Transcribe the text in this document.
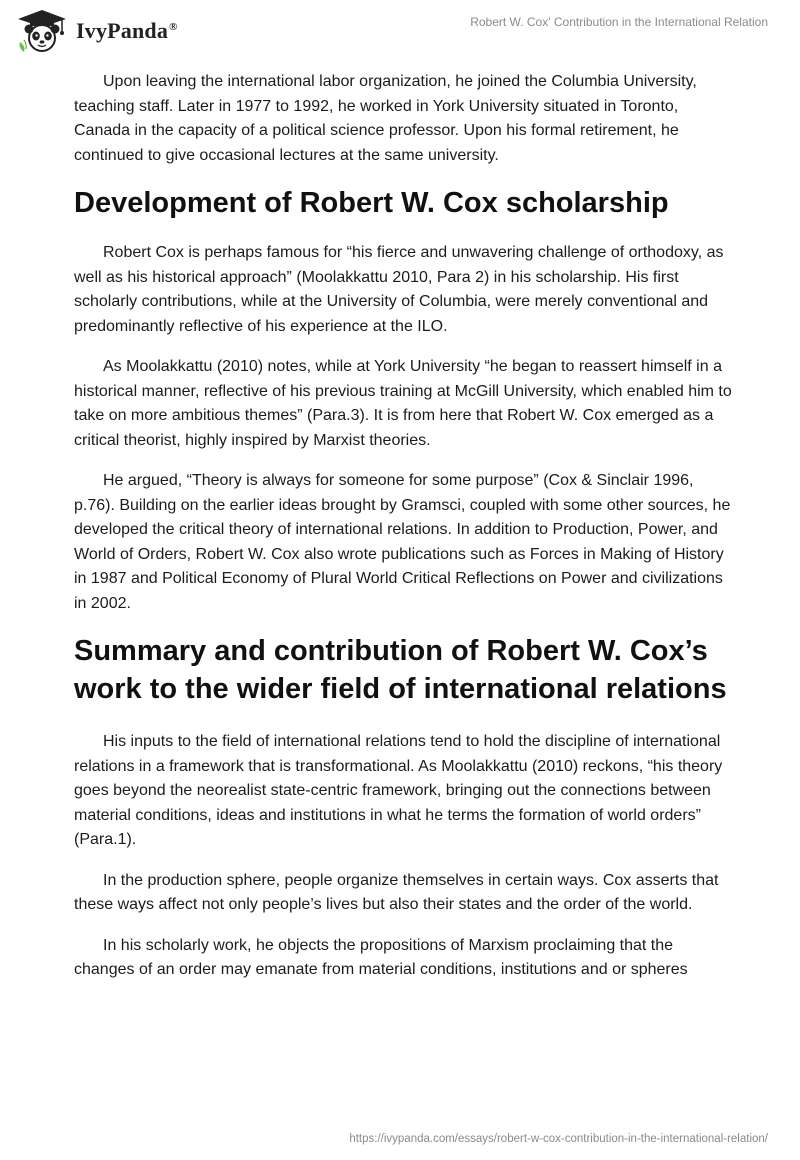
IvyPanda®	Robert W. Cox' Contribution in the International Relation

Upon leaving the international labor organization, he joined the Columbia University, teaching staff. Later in 1977 to 1992, he worked in York University situated in Toronto, Canada in the capacity of a political science professor. Upon his formal retirement, he continued to give occasional lectures at the same university.

Development of Robert W. Cox scholarship

Robert Cox is perhaps famous for “his fierce and unwavering challenge of orthodoxy, as well as his historical approach” (Moolakkattu 2010, Para 2) in his scholarship. His first scholarly contributions, while at the University of Columbia, were merely conventional and predominantly reflective of his experience at the ILO.

As Moolakkattu (2010) notes, while at York University “he began to reassert himself in a historical manner, reflective of his previous training at McGill University, which enabled him to take on more ambitious themes” (Para.3). It is from here that Robert W. Cox emerged as a critical theorist, highly inspired by Marxist theories.

He argued, “Theory is always for someone for some purpose” (Cox & Sinclair 1996, p.76). Building on the earlier ideas brought by Gramsci, coupled with some other sources, he developed the critical theory of international relations. In addition to Production, Power, and World of Orders, Robert W. Cox also wrote publications such as Forces in Making of History in 1987 and Political Economy of Plural World Critical Reflections on Power and civilizations in 2002.

Summary and contribution of Robert W. Cox’s work to the wider field of international relations

His inputs to the field of international relations tend to hold the discipline of international relations in a framework that is transformational. As Moolakkattu (2010) reckons, “his theory goes beyond the neorealist state-centric framework, bringing out the connections between material conditions, ideas and institutions in what he terms the formation of world orders” (Para.1).

In the production sphere, people organize themselves in certain ways. Cox asserts that these ways affect not only people’s lives but also their states and the order of the world.

In his scholarly work, he objects the propositions of Marxism proclaiming that the changes of an order may emanate from material conditions, institutions and or spheres

https://ivypanda.com/essays/robert-w-cox-contribution-in-the-international-relation/
